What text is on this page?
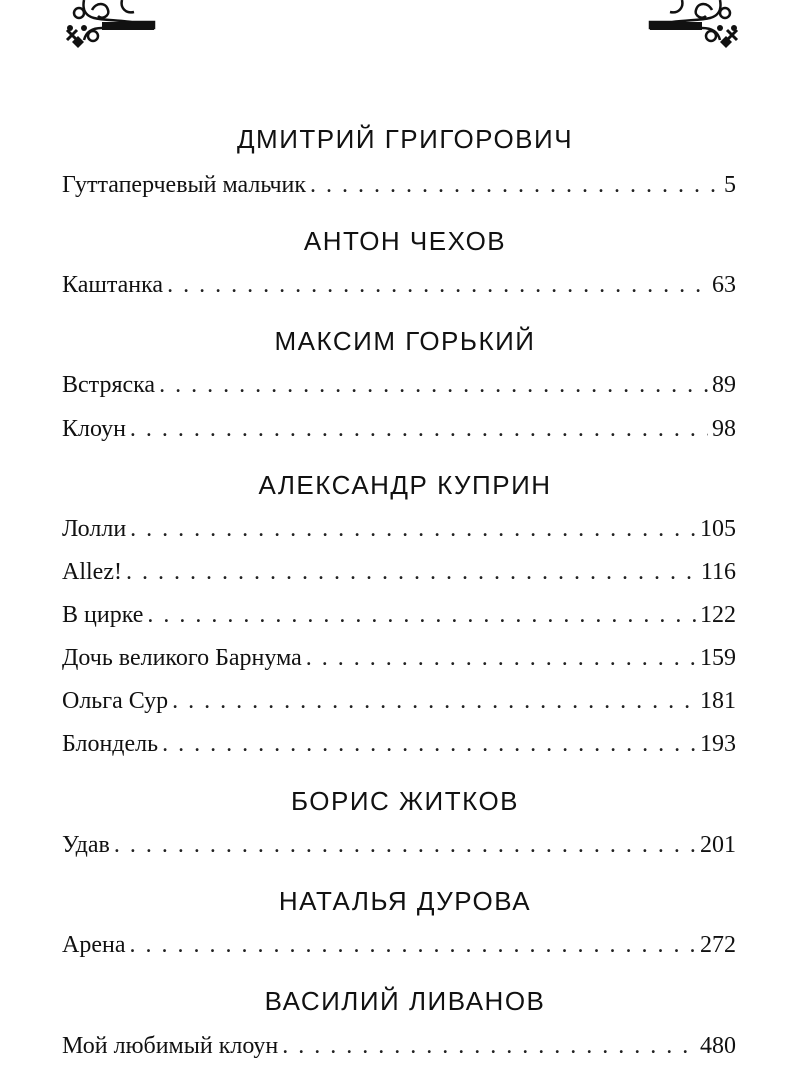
ДМИТРИЙ ГРИГОРОВИЧ
Гуттаперчевый мальчик . . .	5
АНТОН ЧЕХОВ
Каштанка . . .	63
МАКСИМ ГОРЬКИЙ
Встряска . . .	89
Клоун . . .	98
АЛЕКСАНДР КУПРИН
Лолли . . .	105
Allez! . . .	116
В цирке . . .	122
Дочь великого Барнума . . .	159
Ольга Сур . . .	181
Блондель . . .	193
БОРИС ЖИТКОВ
Удав . . .	201
НАТАЛЬЯ ДУРОВА
Арена . . .	272
ВАСИЛИЙ ЛИВАНОВ
Мой любимый клоун . . .	480
